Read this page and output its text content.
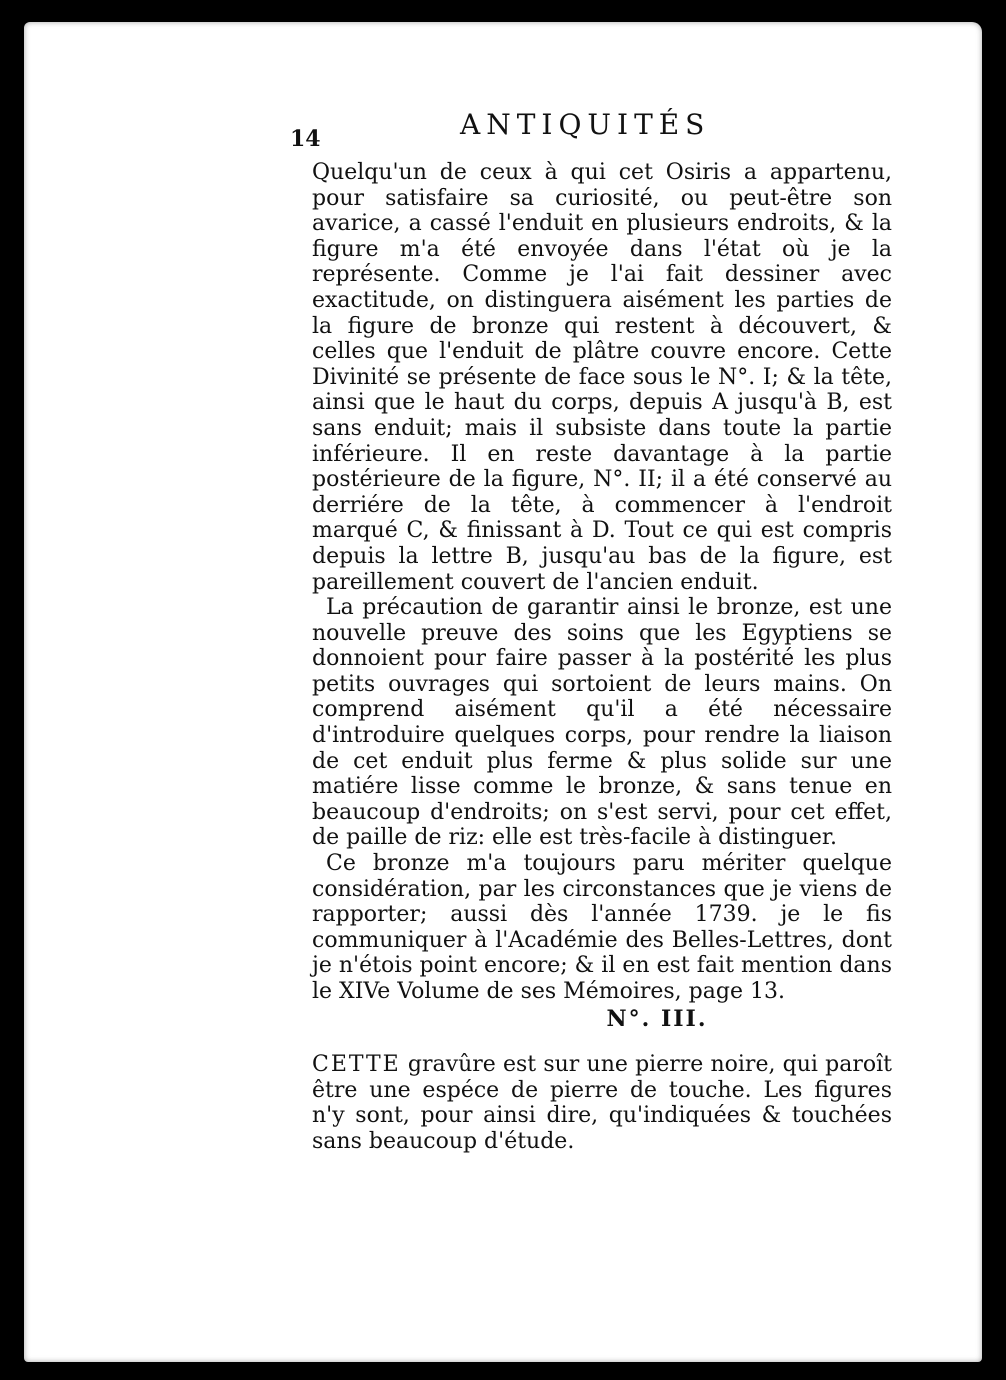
14	ANTIQUITÉS

Quelqu'un de ceux à qui cet Osiris a appartenu, pour satisfaire sa curiosité, ou peut-être son avarice, a cassé l'enduit en plusieurs endroits, & la figure m'a été envoyée dans l'état où je la représente. Comme je l'ai fait dessiner avec exactitude, on distinguera aisément les parties de la figure de bronze qui restent à découvert, & celles que l'enduit de plâtre couvre encore. Cette Divinité se présente de face sous le N°. I; & la tête, ainsi que le haut du corps, depuis A jusqu'à B, est sans enduit; mais il subsiste dans toute la partie inférieure. Il en reste davantage à la partie postérieure de la figure, N°. II; il a été conservé au derriére de la tête, à commencer à l'endroit marqué C, & finissant à D. Tout ce qui est compris depuis la lettre B, jusqu'au bas de la figure, est pareillement couvert de l'ancien enduit.

La précaution de garantir ainsi le bronze, est une nouvelle preuve des soins que les Egyptiens se donnoient pour faire passer à la postérité les plus petits ouvrages qui sortoient de leurs mains. On comprend aisément qu'il a été nécessaire d'introduire quelques corps, pour rendre la liaison de cet enduit plus ferme & plus solide sur une matiére lisse comme le bronze, & sans tenue en beaucoup d'endroits; on s'est servi, pour cet effet, de paille de riz: elle est très-facile à distinguer.

Ce bronze m'a toujours paru mériter quelque considération, par les circonstances que je viens de rapporter; aussi dès l'année 1739. je le fis communiquer à l'Académie des Belles-Lettres, dont je n'étois point encore; & il en est fait mention dans le XIVe Volume de ses Mémoires, page 13.

N°. III.

CETTE gravûre est sur une pierre noire, qui paroît être une espéce de pierre de touche. Les figures n'y sont, pour ainsi dire, qu'indiquées & touchées sans beaucoup d'étude.
